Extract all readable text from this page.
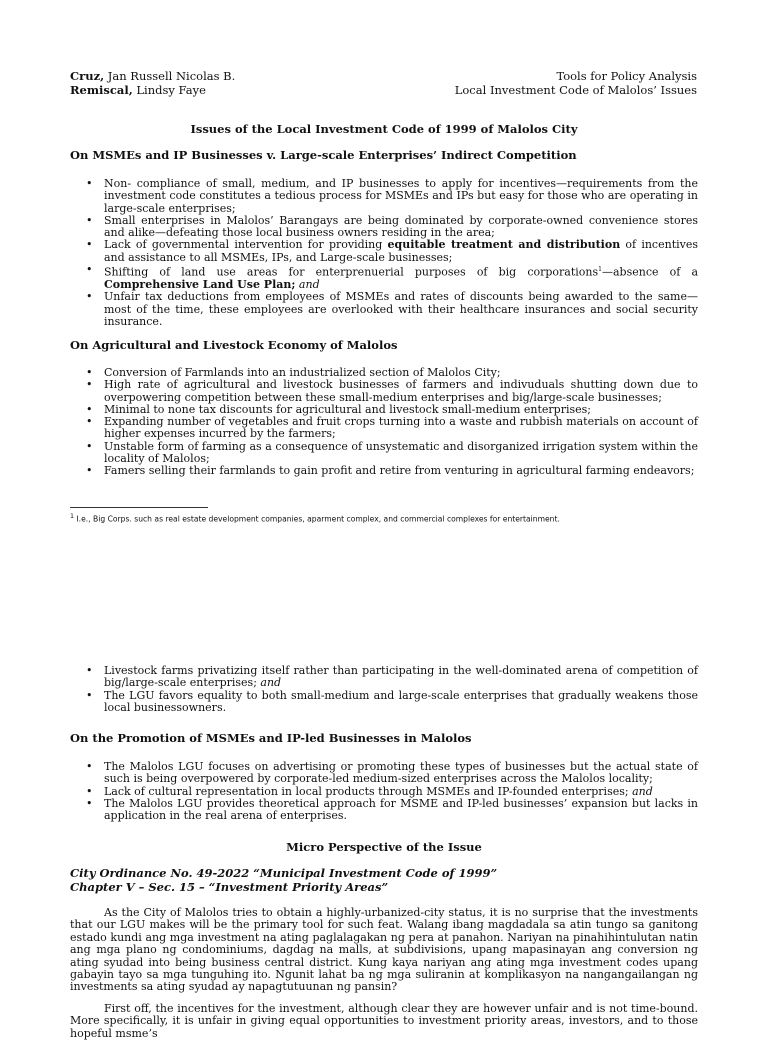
Cruz, Jan Russell Nicolas B.
Remiscal, Lindsy Faye
Tools for Policy Analysis
Local Investment Code of Malolos’ Issues
Issues of the Local Investment Code of 1999 of Malolos City
On MSMEs and IP Businesses v. Large-scale Enterprises’ Indirect Competition
• Non- compliance of small, medium, and IP businesses to apply for incentives—requirements from the investment code constitutes a tedious process for MSMEs and IPs but easy for those who are operating in large-scale enterprises;
• Small enterprises in Malolos’ Barangays are being dominated by corporate-owned convenience stores and alike—defeating those local business owners residing in the area;
• Lack of governmental intervention for providing equitable treatment and distribution of incentives and assistance to all MSMEs, IPs, and Large-scale businesses;
• Shifting of land use areas for enterprenuerial purposes of big corporations$^1$—absence of a Comprehensive Land Use Plan; and
• Unfair tax deductions from employees of MSMEs and rates of discounts being awarded to the same—most of the time, these employees are overlooked with their healthcare insurances and social security insurance.
On Agricultural and Livestock Economy of Malolos
• Conversion of Farmlands into an industrialized section of Malolos City;
• High rate of agricultural and livestock businesses of farmers and indivuduals shutting down due to overpowering competition between these small-medium enterprises and big/large-scale businesses;
• Minimal to none tax discounts for agricultural and livestock small-medium enterprises;
• Expanding number of vegetables and fruit crops turning into a waste and rubbish materials on account of higher expenses incurred by the farmers;
• Unstable form of farming as a consequence of unsystematic and disorganized irrigation system within the locality of Malolos;
• Famers selling their farmlands to gain profit and retire from venturing in agricultural farming endeavors;
$^1$ I.e., Big Corps. such as real estate development companies, aparment complex, and commercial complexes for entertainment.
• Livestock farms privatizing itself rather than participating in the well-dominated arena of competition of big/large-scale enterprises; and
• The LGU favors equality to both small-medium and large-scale enterprises that gradually weakens those local businessowners.
On the Promotion of MSMEs and IP-led Businesses in Malolos
• The Malolos LGU focuses on advertising or promoting these types of businesses but the actual state of such is being overpowered by corporate-led medium-sized enterprises across the Malolos locality;
• Lack of cultural representation in local products through MSMEs and IP-founded enterprises; and
• The Malolos LGU provides theoretical approach for MSME and IP-led businesses’ expansion but lacks in application in the real arena of enterprises.
Micro Perspective of the Issue
City Ordinance No. 49-2022 “Municipal Investment Code of 1999”
Chapter V – Sec. 15 – “Investment Priority Areas”

As the City of Malolos tries to obtain a highly-urbanized-city status, it is no surprise that the investments that our LGU makes will be the primary tool for such feat. Walang ibang magdadala sa atin tungo sa ganitong estado kundi ang mga investment na ating paglalagakan ng pera at panahon. Nariyan na pinahihintulutan natin ang mga plano ng condominiums, dagdag na malls, at subdivisions, upang mapasinayan ang conversion ng ating syudad into being business central district. Kung kaya nariyan ang ating mga investment codes upang gabayin tayo sa mga tunguhing ito. Ngunit lahat ba ng mga suliranin at komplikasyon na nangangailangan ng investments sa ating syudad ay napagtutuunan ng pansin?

First off, the incentives for the investment, although clear they are however unfair and is not time-bound. More specifically, it is unfair in giving equal opportunities to investment priority areas, investors, and to those hopeful msme’s
